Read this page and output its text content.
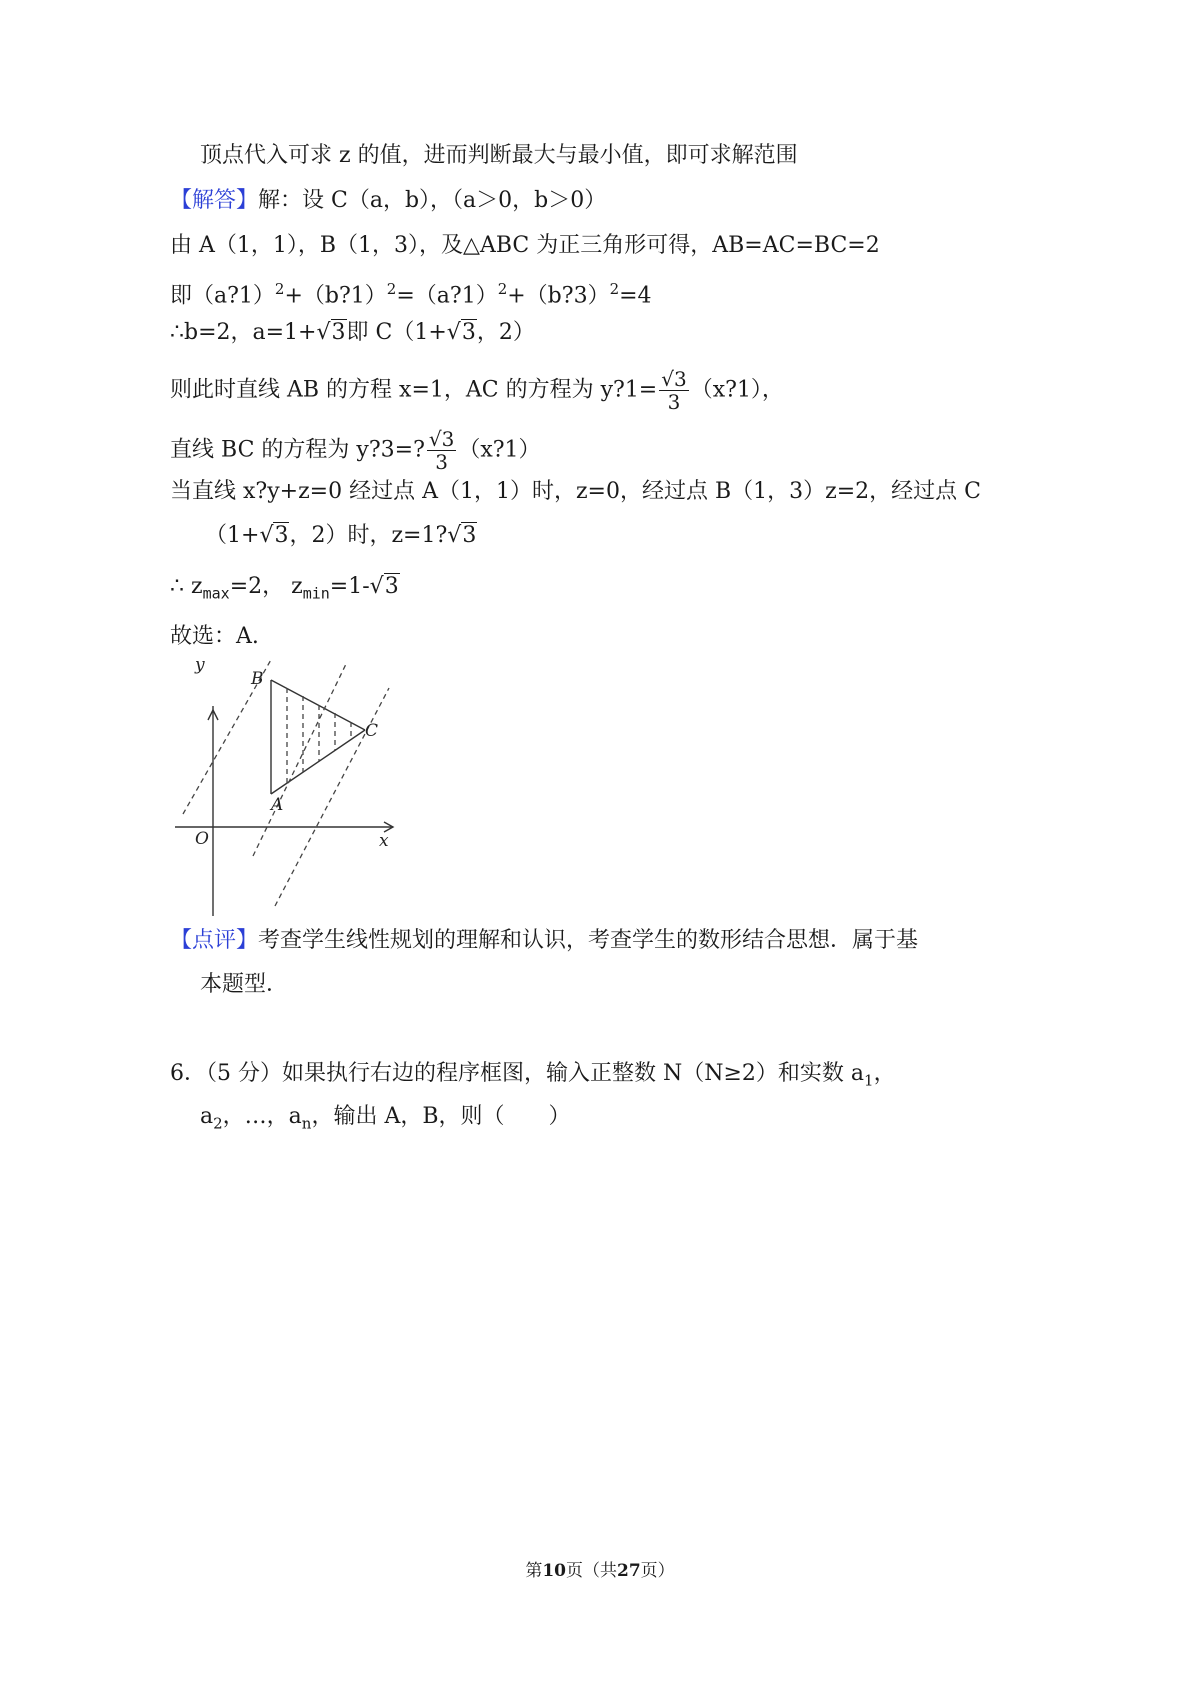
顶点代入可求 z 的值，进而判断最大与最小值，即可求解范围
【解答】解：设 C（a，b），（a＞0，b＞0）
由 A（1，1），B（1，3），及△ABC 为正三角形可得，AB=AC=BC=2
即（a?1）$^2$+（b?1）$^2$=（a?1）$^2$+（b?3）$^2$=4
∴b=2，a=1+√3即 C（1+√3，2）
则此时直线 AB 的方程 x=1，AC 的方程为 y?1= $\frac{√3}{3}$ （x?1），
直线 BC 的方程为 y?3=? $\frac{√3}{3}$ （x?1）
当直线 x?y+z=0 经过点 A（1，1）时，z=0，经过点 B（1，3）z=2，经过点 C
（1+√3，2）时，z=1?√3
∴ $z_{max}=2$， $z_{min}=1-√3$
故选：A.
y
x
O
A
B
C
【点评】考查学生线性规划的理解和认识，考查学生的数形结合思想．属于基
本题型．
6．（5 分）如果执行右边的程序框图，输入正整数 N（N≥2）和实数 $a_1$，
$a_2$，…，$a_n$，输出 A，B，则（　　）
第10页（共27页）
